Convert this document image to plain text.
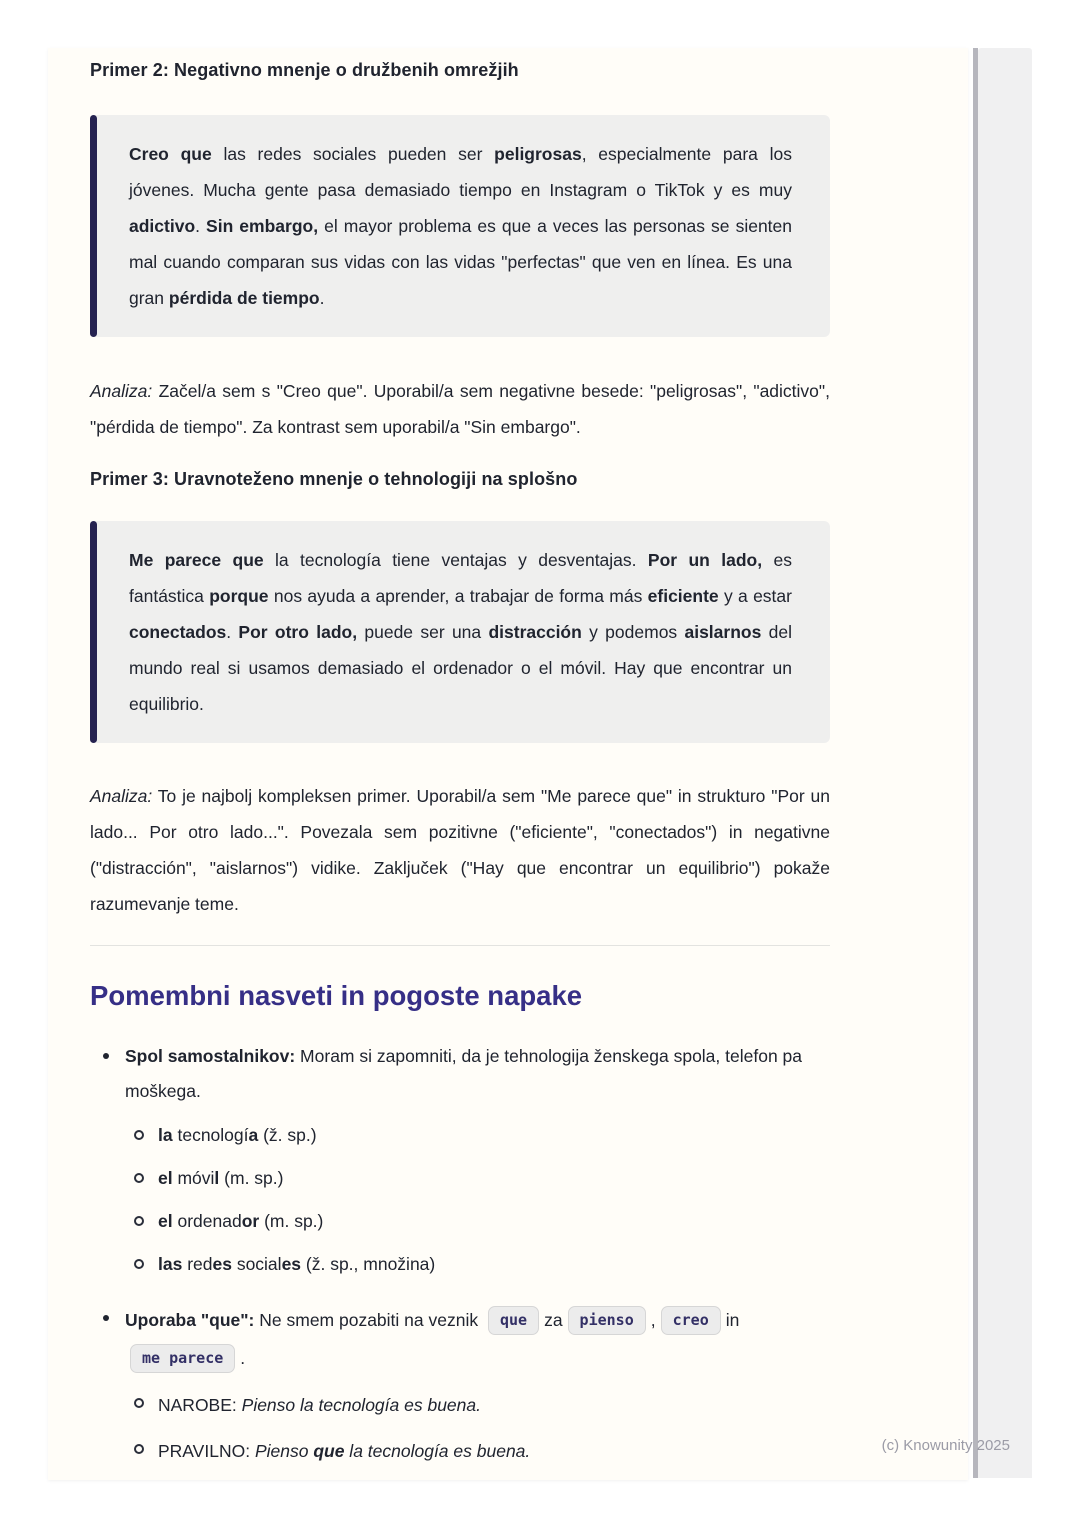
Primer 2: Negativno mnenje o družbenih omrežjih

Creo que las redes sociales pueden ser peligrosas, especialmente para los jóvenes. Mucha gente pasa demasiado tiempo en Instagram o TikTok y es muy adictivo. Sin embargo, el mayor problema es que a veces las personas se sienten mal cuando comparan sus vidas con las vidas "perfectas" que ven en línea. Es una gran pérdida de tiempo.

Analiza: Začel/a sem s "Creo que". Uporabil/a sem negativne besede: "peligrosas", "adictivo", "pérdida de tiempo". Za kontrast sem uporabil/a "Sin embargo".

Primer 3: Uravnoteženo mnenje o tehnologiji na splošno

Me parece que la tecnología tiene ventajas y desventajas. Por un lado, es fantástica porque nos ayuda a aprender, a trabajar de forma más eficiente y a estar conectados. Por otro lado, puede ser una distracción y podemos aislarnos del mundo real si usamos demasiado el ordenador o el móvil. Hay que encontrar un equilibrio.

Analiza: To je najbolj kompleksen primer. Uporabil/a sem "Me parece que" in strukturo "Por un lado... Por otro lado...". Povezala sem pozitivne ("eficiente", "conectados") in negativne ("distracción", "aislarnos") vidike. Zaključek ("Hay que encontrar un equilibrio") pokaže razumevanje teme.

Pomembni nasveti in pogoste napake
Spol samostalnikov: Moram si zapomniti, da je tehnologija ženskega spola, telefon pa moškega.
la tecnología (ž. sp.)
el móvil (m. sp.)
el ordenador (m. sp.)
las redes sociales (ž. sp., množina)
Uporaba "que": Ne smem pozabiti na veznik que za pienso , creo inme parece .
NAROBE: Pienso la tecnología es buena.
PRAVILNO: Pienso que la tecnología es buena.	(c) Knowunity 2025
